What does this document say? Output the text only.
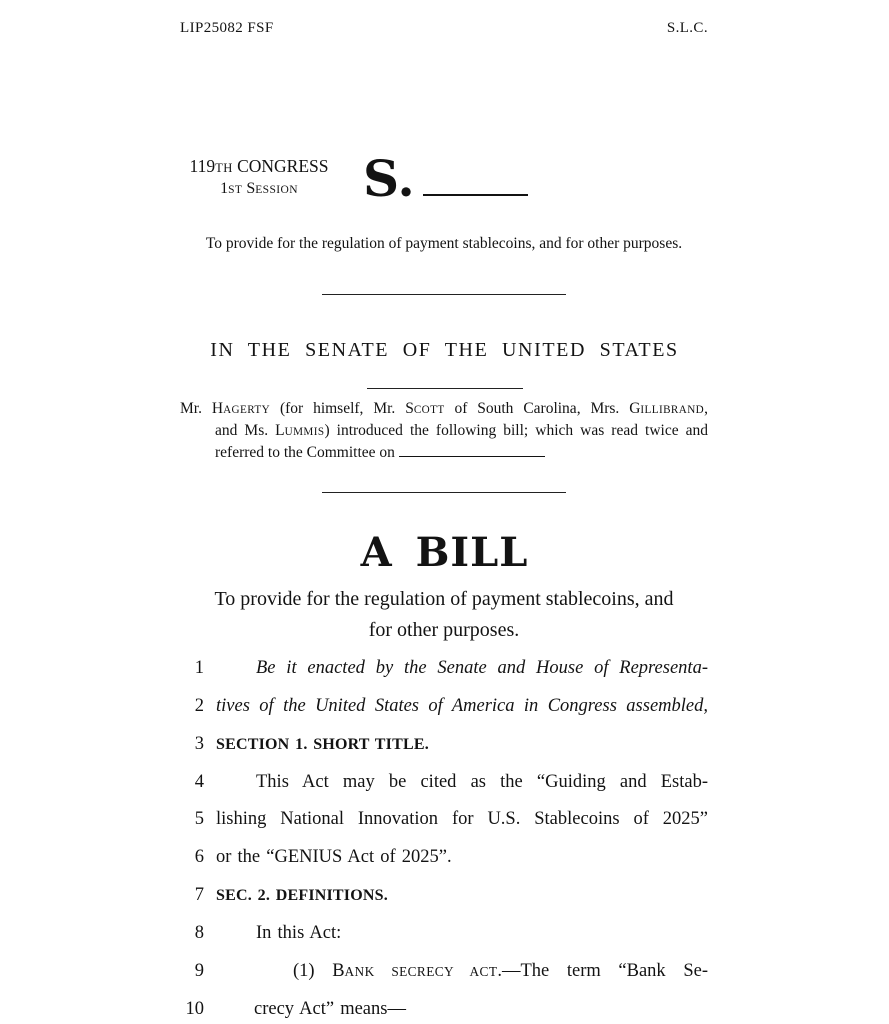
LIP25082 FSF	S.L.C.
119TH CONGRESS
1ST SESSION	S.
To provide for the regulation of payment stablecoins, and for other purposes.
IN THE SENATE OF THE UNITED STATES
Mr. HAGERTY (for himself, Mr. SCOTT of South Carolina, Mrs. GILLIBRAND,
and Ms. LUMMIS) introduced the following bill; which was read twice and
referred to the Committee on
A BILL
To provide for the regulation of payment stablecoins, and
for other purposes.
1	Be it enacted by the Senate and House of Representa-
2 tives of the United States of America in Congress assembled,
3 SECTION 1. SHORT TITLE.
4	This Act may be cited as the “Guiding and Estab-
5 lishing National Innovation for U.S. Stablecoins of 2025”
6 or the “GENIUS Act of 2025”.
7 SEC. 2. DEFINITIONS.
8	In this Act:
9	(1) BANK SECRECY ACT.—The term “Bank Se-
10	crecy Act” means—
